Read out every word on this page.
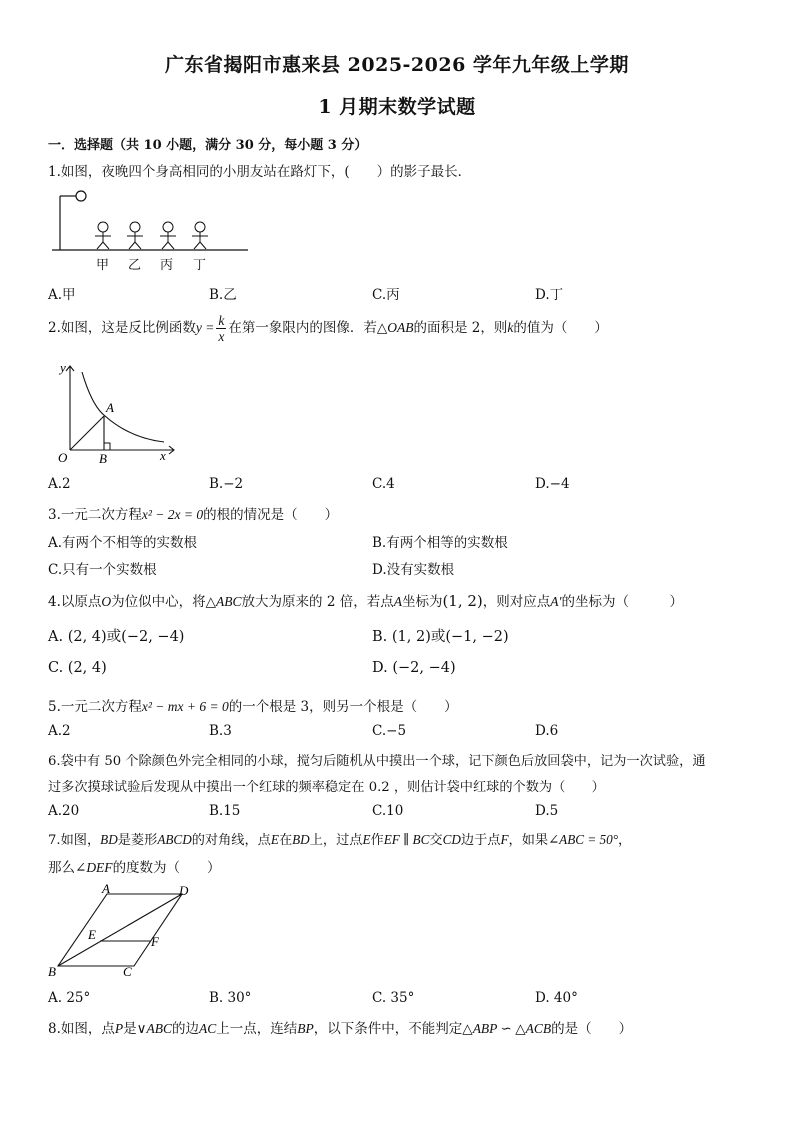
广东省揭阳市惠来县 2025-2026 学年九年级上学期
1 月期末数学试题
一．选择题（共 10 小题，满分 30 分，每小题 3 分）
1.如图，夜晚四个身高相同的小朋友站在路灯下，(　　）的影子最长．
甲 乙 丙 丁
A.甲	B.乙	C.丙	D.丁
2.如图，这是反比例函数$y = \frac{k}{x}$ 在第一象限内的图像．若△OAB的面积是 2，则k的值为（　　）
y
x
O
A
B
A.2	B.−2	C.4	D.−4
3.一元二次方程x² − 2x = 0的根的情况是（　　）
A.有两个不相等的实数根	B.有两个相等的实数根
C.只有一个实数根	D.没有实数根
4.以原点O为位似中心，将△ABC放大为原来的 2 倍，若点A坐标为(1, 2)，则对应点A′的坐标为（　　　）
A. (2, 4)或(−2, −4)	B. (1, 2)或(−1, −2)
C. (2, 4)	D. (−2, −4)
5.一元二次方程x² − mx + 6 = 0的一个根是 3，则另一个根是（　　）
A.2	B.3	C.−5	D.6
6.袋中有 50 个除颜色外完全相同的小球，搅匀后随机从中摸出一个球，记下颜色后放回袋中，记为一次试验，通
过多次摸球试验后发现从中摸出一个红球的频率稳定在 0.2 ，则估计袋中红球的个数为（　　）
A.20	B.15	C.10	D.5
7.如图，BD是菱形ABCD的对角线，点E在BD上，过点E作EF ∥ BC交CD边于点F，如果∠ABC = 50°，
那么∠DEF的度数为（　　）
A	D
E	F
B	C
A. 25°	B. 30°	C. 35°	D. 40°
8.如图，点P是∨ABC的边AC上一点，连结BP，以下条件中，不能判定△ABP ∽ △ACB的是（　　）
